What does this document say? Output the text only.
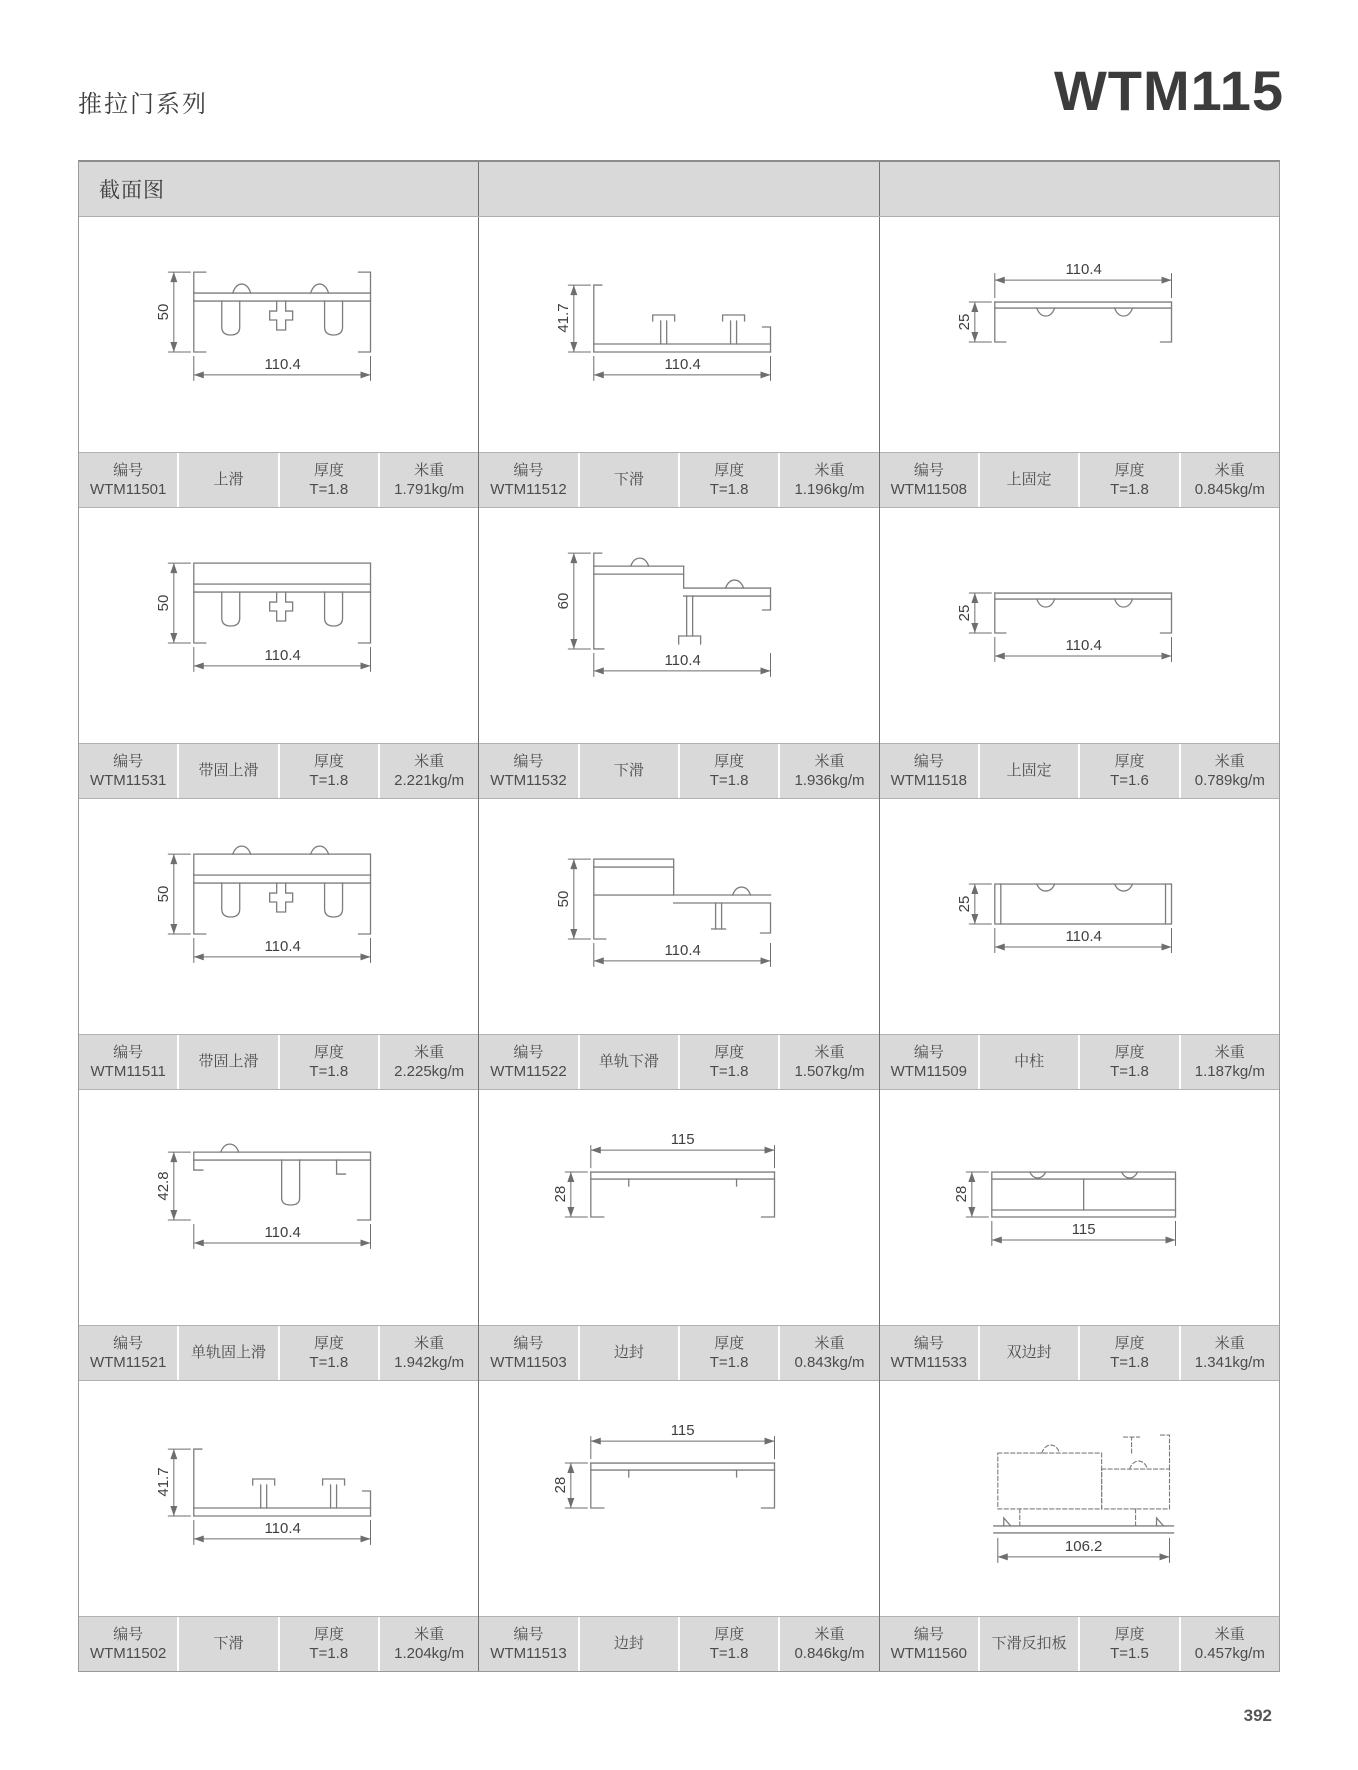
推拉门系列	WTM115
截面图
50
110.4
编号
WTM11501
上滑
厚度
T=1.8
米重
1.791kg/m
41.7
110.4
编号
WTM11512
下滑
厚度
T=1.8
米重
1.196kg/m
25
110.4
编号
WTM11508
上固定
厚度
T=1.8
米重
0.845kg/m
50
110.4
编号
WTM11531
带固上滑
厚度
T=1.8
米重
2.221kg/m
60
110.4
编号
WTM11532
下滑
厚度
T=1.8
米重
1.936kg/m
25
110.4
编号
WTM11518
上固定
厚度
T=1.6
米重
0.789kg/m
50
110.4
编号
WTM11511
带固上滑
厚度
T=1.8
米重
2.225kg/m
50
110.4
编号
WTM11522
单轨下滑
厚度
T=1.8
米重
1.507kg/m
25
110.4
编号
WTM11509
中柱
厚度
T=1.8
米重
1.187kg/m
42.8
110.4
编号
WTM11521
单轨固上滑
厚度
T=1.8
米重
1.942kg/m
28
115
编号
WTM11503
边封
厚度
T=1.8
米重
0.843kg/m
28
115
编号
WTM11533
双边封
厚度
T=1.8
米重
1.341kg/m
41.7
110.4
编号
WTM11502
下滑
厚度
T=1.8
米重
1.204kg/m
28
115
编号
WTM11513
边封
厚度
T=1.8
米重
0.846kg/m
106.2
编号
WTM11560
下滑反扣板
厚度
T=1.5
米重
0.457kg/m
392
